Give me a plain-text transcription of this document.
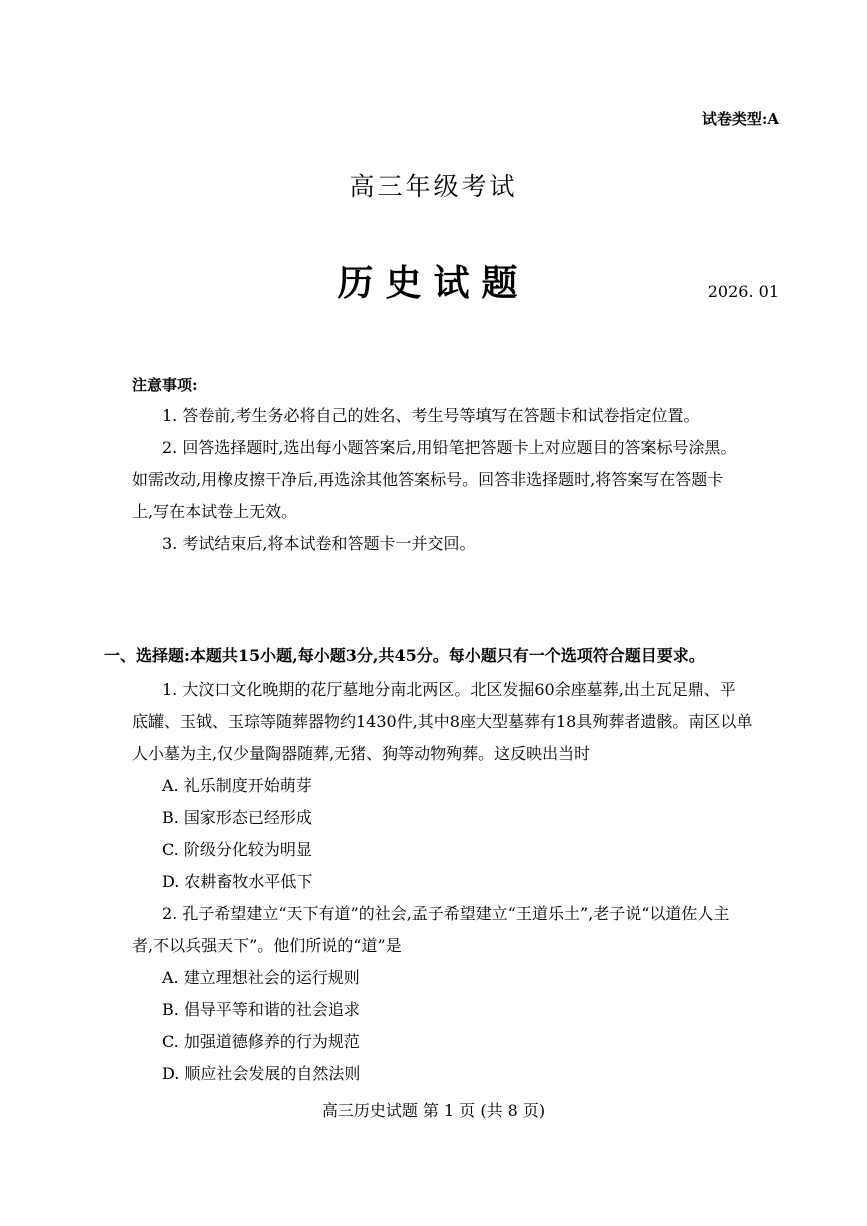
试卷类型:A
高三年级考试
历史试题	2026. 01
注意事项:
1. 答卷前,考生务必将自己的姓名、考生号等填写在答题卡和试卷指定位置。
2. 回答选择题时,选出每小题答案后,用铅笔把答题卡上对应题目的答案标号涂黑。
如需改动,用橡皮擦干净后,再选涂其他答案标号。回答非选择题时,将答案写在答题卡
上,写在本试卷上无效。
3. 考试结束后,将本试卷和答题卡一并交回。
一、选择题:本题共15小题,每小题3分,共45分。每小题只有一个选项符合题目要求。
1. 大汶口文化晚期的花厅墓地分南北两区。北区发掘60余座墓葬,出土瓦足鼎、平
底罐、玉钺、玉琮等随葬器物约1430件,其中8座大型墓葬有18具殉葬者遗骸。南区以单
人小墓为主,仅少量陶器随葬,无猪、狗等动物殉葬。这反映出当时
A. 礼乐制度开始萌芽
B. 国家形态已经形成
C. 阶级分化较为明显
D. 农耕畜牧水平低下
2. 孔子希望建立“天下有道”的社会,孟子希望建立“王道乐土”,老子说“以道佐人主
者,不以兵强天下”。他们所说的“道”是
A. 建立理想社会的运行规则
B. 倡导平等和谐的社会追求
C. 加强道德修养的行为规范
D. 顺应社会发展的自然法则
高三历史试题 第 1 页 (共 8 页)
